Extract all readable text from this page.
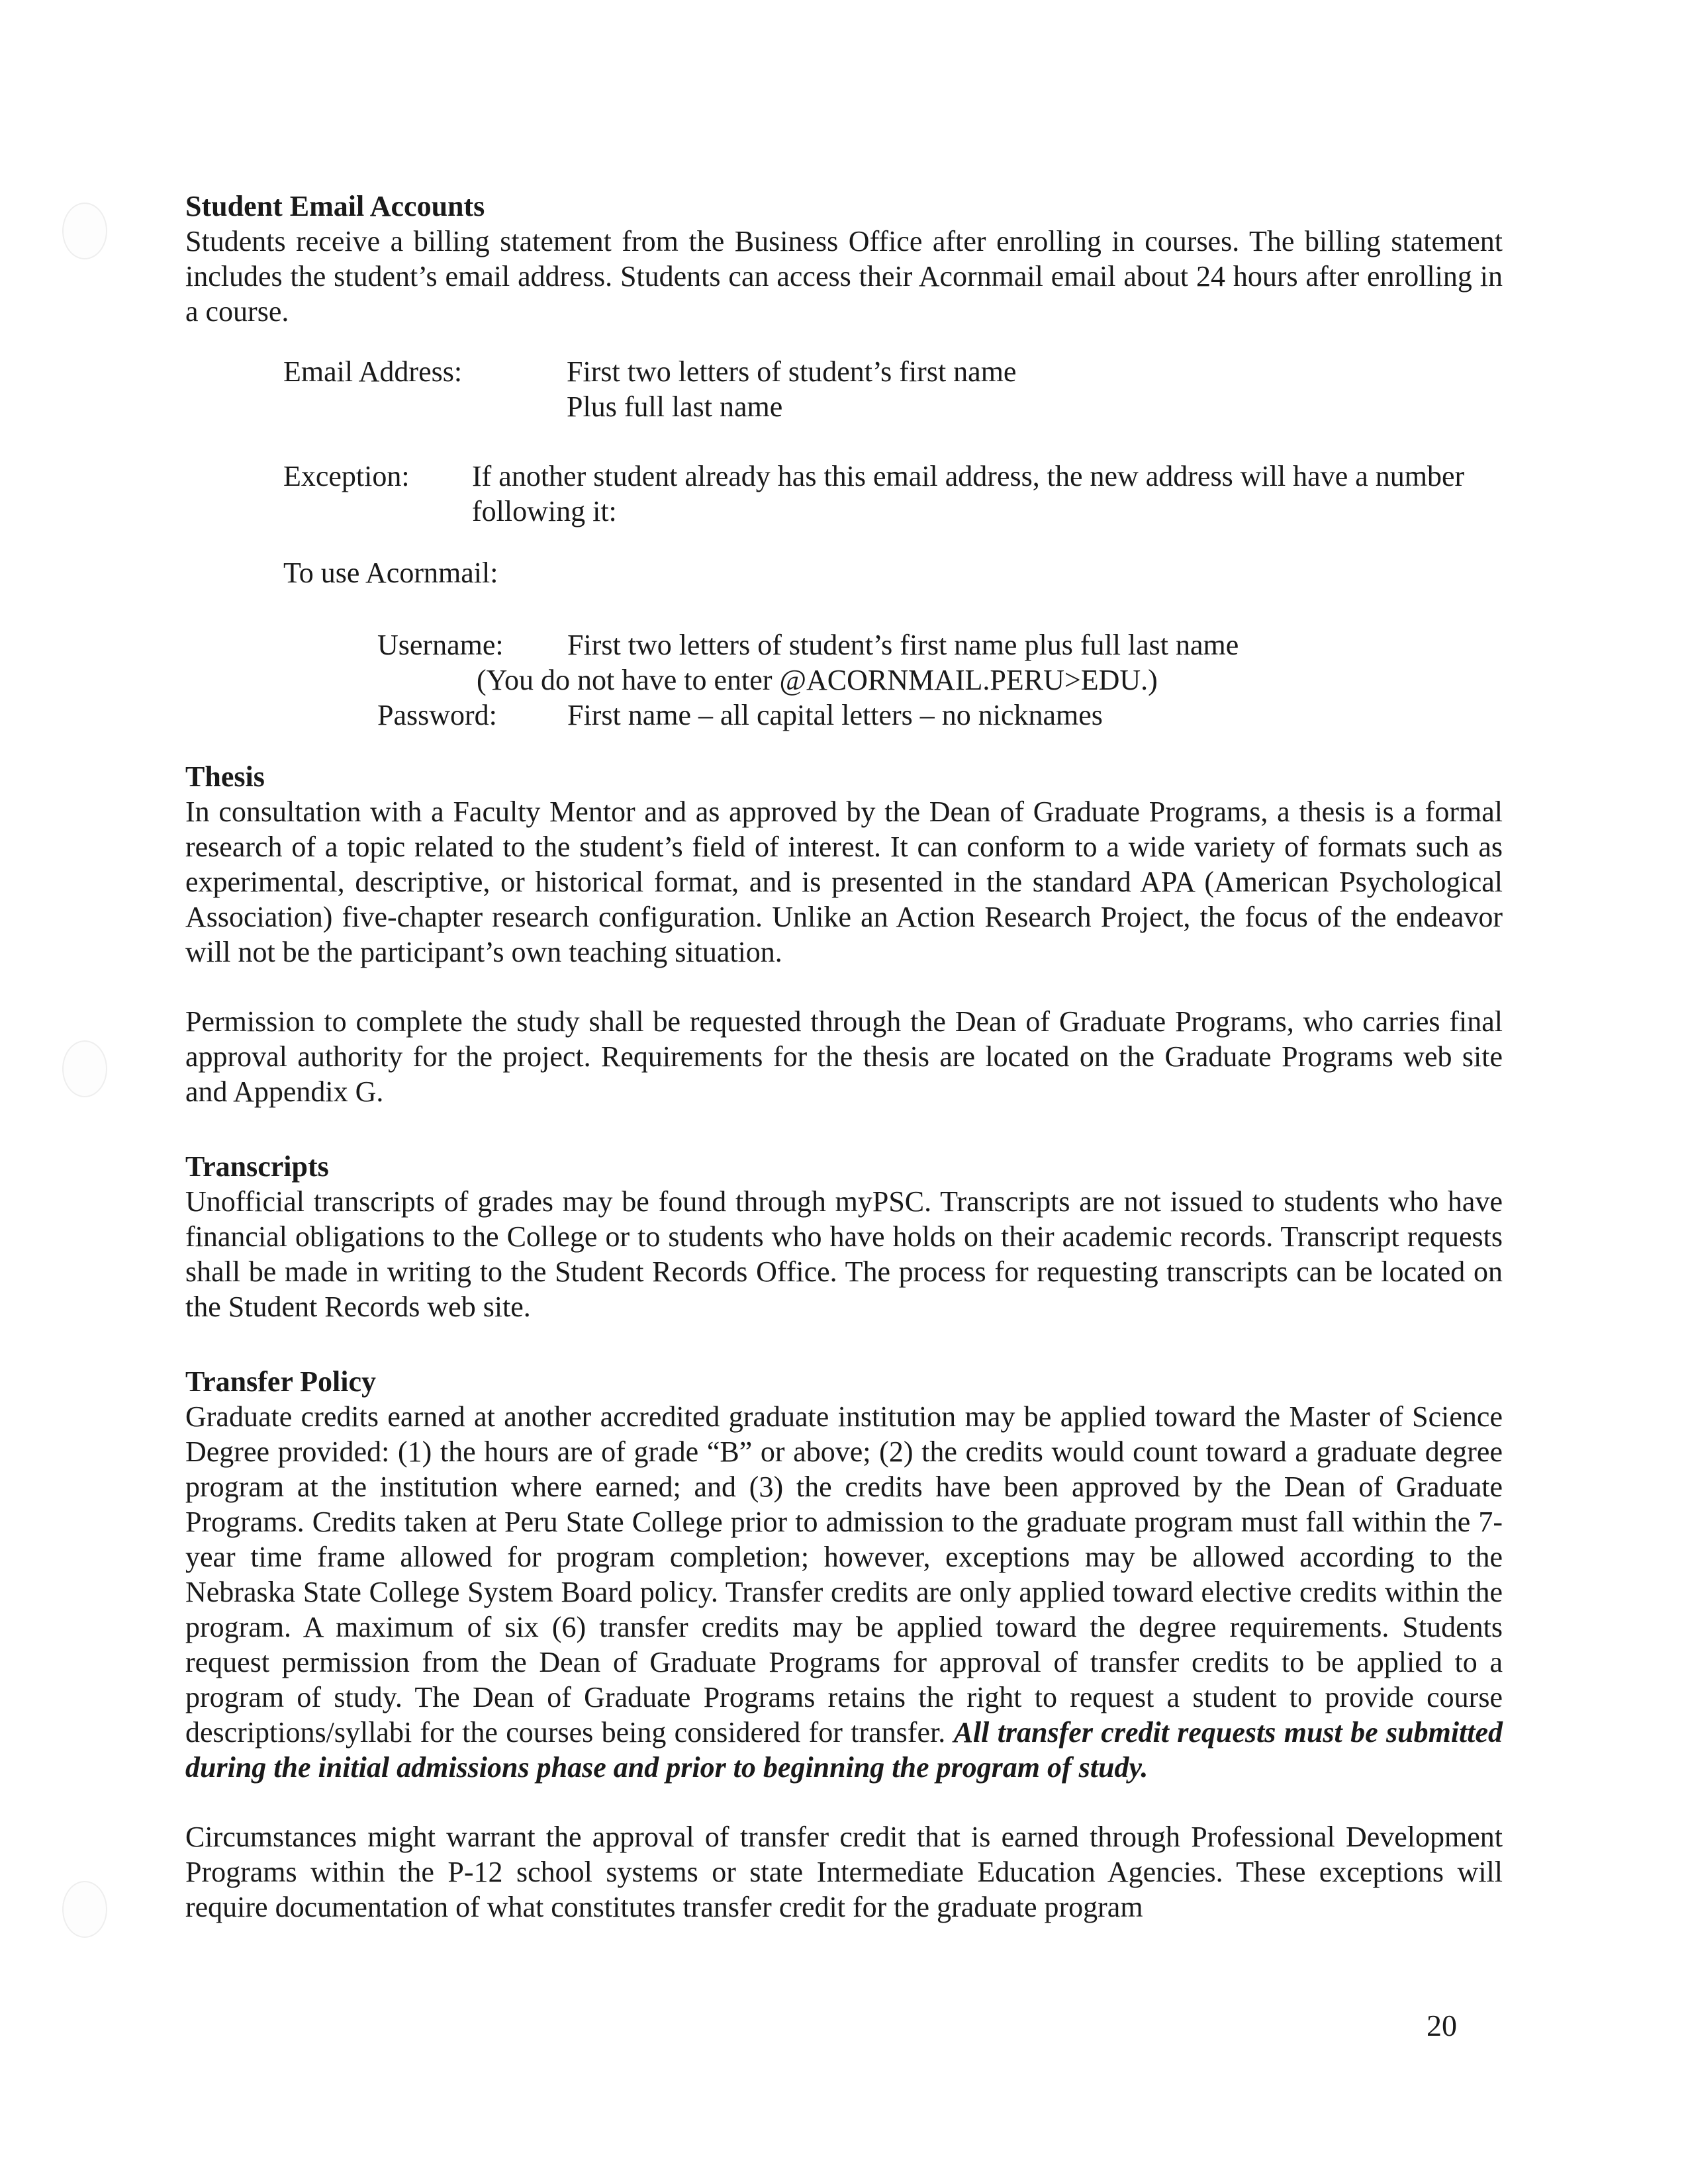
Student Email Accounts

Students receive a billing statement from the Business Office after enrolling in courses. The billing statement includes the student’s email address. Students can access their Acornmail email about 24 hours after enrolling in a course.

Email Address:	First two letters of student’s first name
Plus full last name
Exception:	If another student already has this email address, the new address will have a number following it:
To use Acornmail:
Username:	First two letters of student’s first name plus full last name
(You do not have to enter @ACORNMAIL.PERU>EDU.)
Password:	First name – all capital letters – no nicknames
Thesis

In consultation with a Faculty Mentor and as approved by the Dean of Graduate Programs, a thesis is a formal research of a topic related to the student’s field of interest. It can conform to a wide variety of formats such as experimental, descriptive, or historical format, and is presented in the standard APA (American Psychological Association) five-chapter research configuration. Unlike an Action Research Project, the focus of the endeavor will not be the participant’s own teaching situation.

Permission to complete the study shall be requested through the Dean of Graduate Programs, who carries final approval authority for the project. Requirements for the thesis are located on the Graduate Programs web site and Appendix G.

Transcripts

Unofficial transcripts of grades may be found through myPSC. Transcripts are not issued to students who have financial obligations to the College or to students who have holds on their academic records. Transcript requests shall be made in writing to the Student Records Office. The process for requesting transcripts can be located on the Student Records web site.

Transfer Policy

Graduate credits earned at another accredited graduate institution may be applied toward the Master of Science Degree provided: (1) the hours are of grade “B” or above; (2) the credits would count toward a graduate degree program at the institution where earned; and (3) the credits have been approved by the Dean of Graduate Programs. Credits taken at Peru State College prior to admission to the graduate program must fall within the 7-year time frame allowed for program completion; however, exceptions may be allowed according to the Nebraska State College System Board policy. Transfer credits are only applied toward elective credits within the program. A maximum of six (6) transfer credits may be applied toward the degree requirements. Students request permission from the Dean of Graduate Programs for approval of transfer credits to be applied to a program of study. The Dean of Graduate Programs retains the right to request a student to provide course descriptions/syllabi for the courses being considered for transfer. All transfer credit requests must be submitted during the initial admissions phase and prior to beginning the program of study.

Circumstances might warrant the approval of transfer credit that is earned through Professional Development Programs within the P-12 school systems or state Intermediate Education Agencies. These exceptions will require documentation of what constitutes transfer credit for the graduate program

20
